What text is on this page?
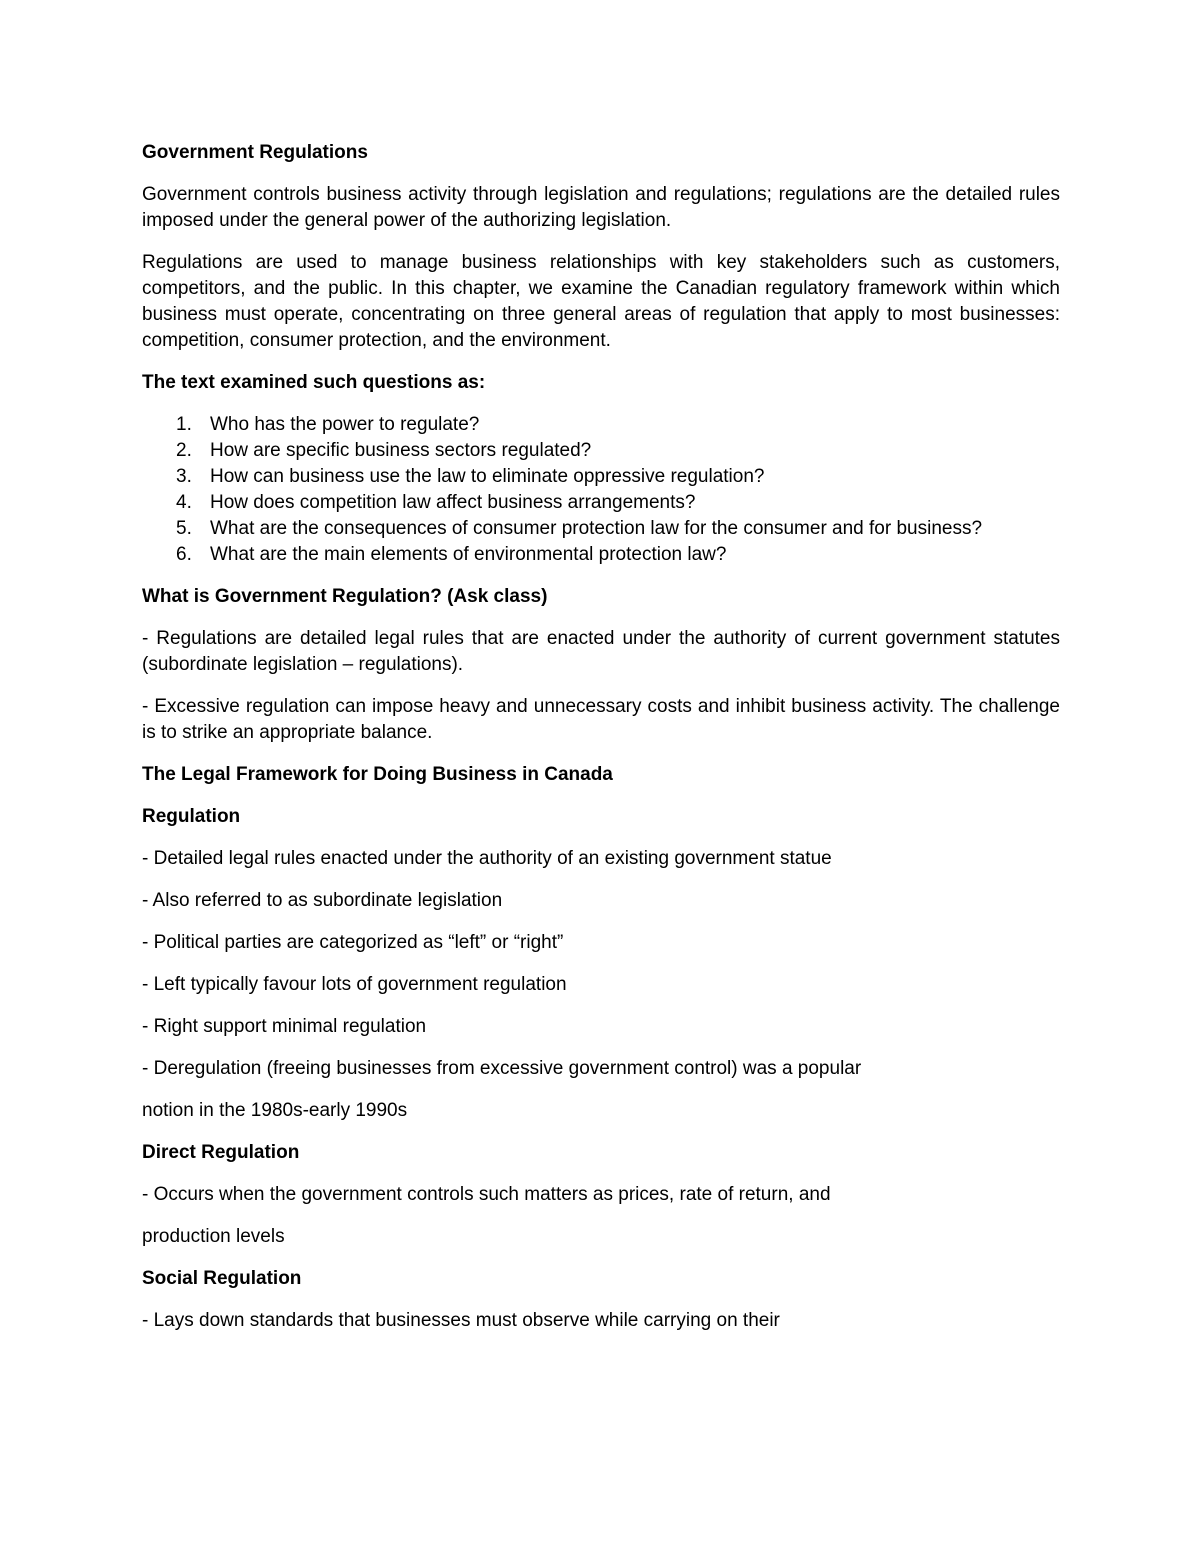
Government Regulations
Government controls business activity through legislation and regulations; regulations are the detailed rules imposed under the general power of the authorizing legislation.
Regulations are used to manage business relationships with key stakeholders such as customers, competitors, and the public. In this chapter, we examine the Canadian regulatory framework within which business must operate, concentrating on three general areas of regulation that apply to most businesses: competition, consumer protection, and the environment.
The text examined such questions as:
1. Who has the power to regulate?
2. How are specific business sectors regulated?
3. How can business use the law to eliminate oppressive regulation?
4. How does competition law affect business arrangements?
5. What are the consequences of consumer protection law for the consumer and for business?
6. What are the main elements of environmental protection law?
What is Government Regulation? (Ask class)
- Regulations are detailed legal rules that are enacted under the authority of current government statutes (subordinate legislation – regulations).
- Excessive regulation can impose heavy and unnecessary costs and inhibit business activity. The challenge is to strike an appropriate balance.
The Legal Framework for Doing Business in Canada
Regulation
- Detailed legal rules enacted under the authority of an existing government statue
- Also referred to as subordinate legislation
- Political parties are categorized as “left” or “right”
- Left typically favour lots of government regulation
- Right support minimal regulation
- Deregulation (freeing businesses from excessive government control) was a popular
notion in the 1980s-early 1990s
Direct Regulation
- Occurs when the government controls such matters as prices, rate of return, and
production levels
Social Regulation
- Lays down standards that businesses must observe while carrying on their
